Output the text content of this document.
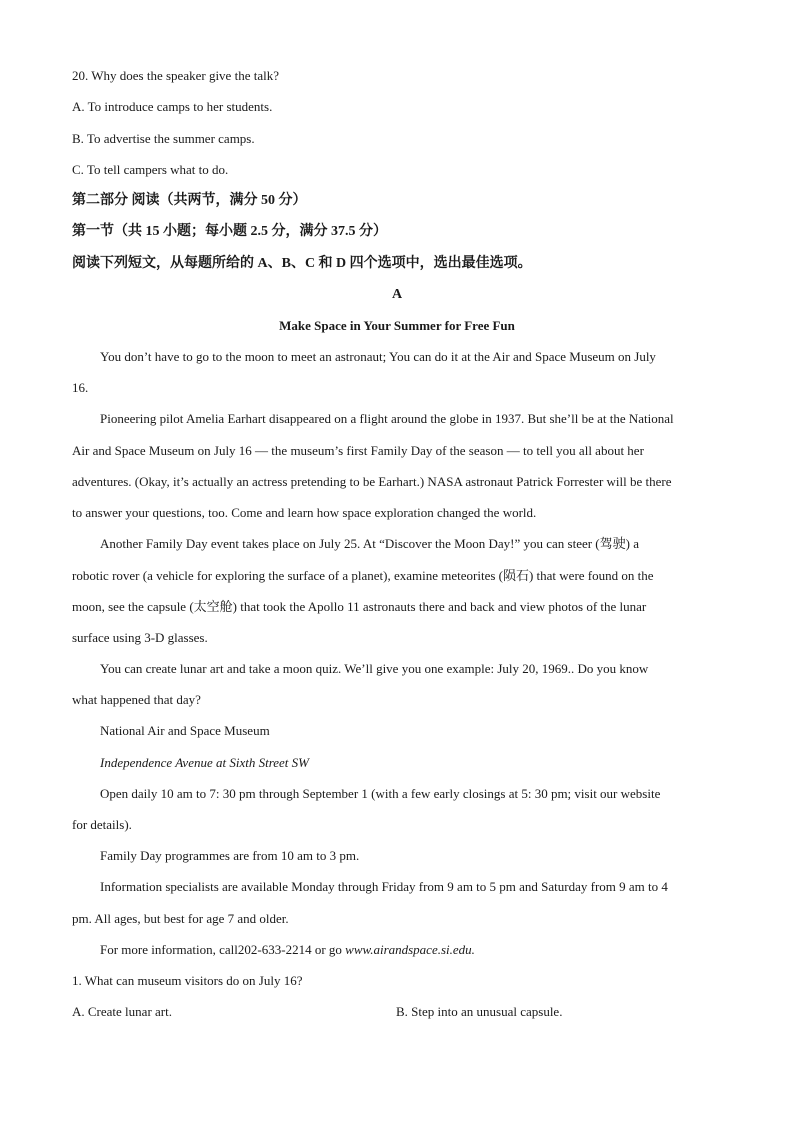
20. Why does the speaker give the talk?
A. To introduce camps to her students.
B. To advertise the summer camps.
C. To tell campers what to do.
第二部分 阅读（共两节，满分 50 分）
第一节（共 15 小题；每小题 2.5 分，满分 37.5 分）
阅读下列短文，从每题所给的 A、B、C 和 D 四个选项中，选出最佳选项。
A
Make Space in Your Summer for Free Fun
You don’t have to go to the moon to meet an astronaut; You can do it at the Air and Space Museum on July
16.
Pioneering pilot Amelia Earhart disappeared on a flight around the globe in 1937. But she’ll be at the National
Air and Space Museum on July 16 — the museum’s first Family Day of the season — to tell you all about her
adventures. (Okay, it’s actually an actress pretending to be Earhart.) NASA astronaut Patrick Forrester will be there
to answer your questions, too. Come and learn how space exploration changed the world.
Another Family Day event takes place on July 25. At “Discover the Moon Day!” you can steer (驾驶) a
robotic rover (a vehicle for exploring the surface of a planet), examine meteorites (陨石) that were found on the
moon, see the capsule (太空舱) that took the Apollo 11 astronauts there and back and view photos of the lunar
surface using 3-D glasses.
You can create lunar art and take a moon quiz. We’ll give you one example: July 20, 1969.. Do you know
what happened that day?
National Air and Space Museum
Independence Avenue at Sixth Street SW
Open daily 10 am to 7: 30 pm through September 1 (with a few early closings at 5: 30 pm; visit our website
for details).
Family Day programmes are from 10 am to 3 pm.
Information specialists are available Monday through Friday from 9 am to 5 pm and Saturday from 9 am to 4
pm. All ages, but best for age 7 and older.
For more information, call202-633-2214 or go www.airandspace.si.edu.
1. What can museum visitors do on July 16?
A. Create lunar art.	B. Step into an unusual capsule.
